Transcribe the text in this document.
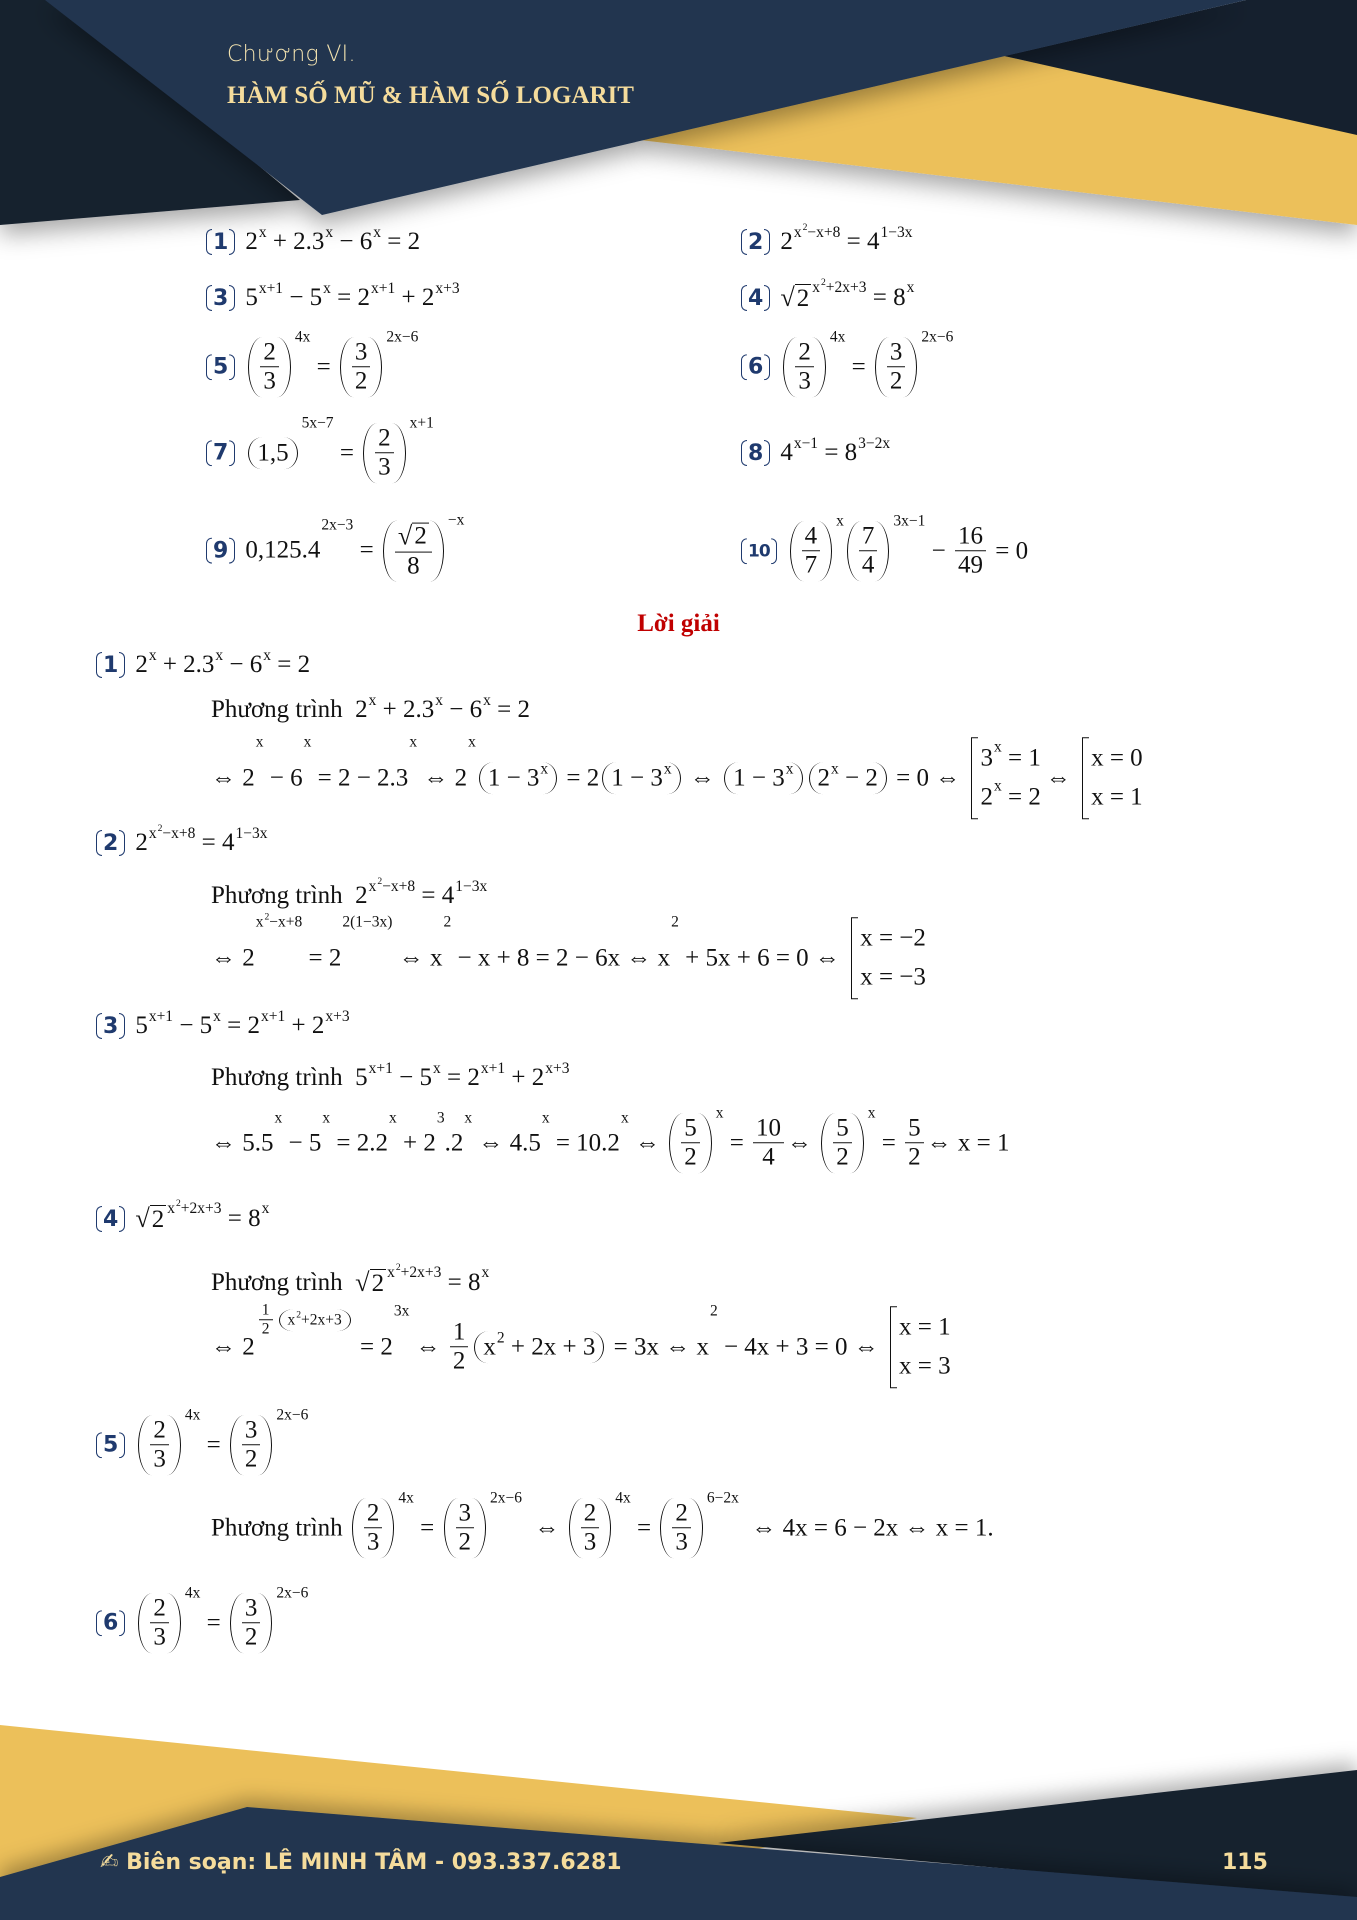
Chương VI.
HÀM SỐ MŨ & HÀM SỐ LOGARIT
1 2 x + 2.3 x − 6 x = 2	2 2 x 2 −x+8 = 4 1−3x
3 5 x+1 − 5 x = 2 x+1 + 2 x+3	4 √ 2 x 2 +2x+3 = 8 x
$5 \frac{2}{3}$
4x
= $\frac{3}{2}$
2x−6
$6 \frac{2}{3}$
4x
= $\frac{3}{2}$
2x−6
7 1,5
5x−7
= $\frac{2}{3}$
x+1
8 4 x−1 = 8 3−2x
9 0,125.4
2x−3
= $\frac{√ 2}{8}$
−x
$10 \frac{4}{7}$
x
$\frac{7}{4}$
3x−1
− $\frac{16}{49} = 0$
Lời giải
1 2 x + 2.3 x − 6 x = 2
Phương trình  2 x + 2.3 x − 6 x = 2
⇔ 2
x
− 6
x
= 2 − 2.3
x
⇔ 2
x
1 − 3 x = 2 1 − 3 x ⇔ 1 − 3 x 2 x − 2 = 0 ⇔
3 x = 1
2 x = 2
⇔
x = 0
x = 1
2 2 x 2 −x+8 = 4 1−3x
Phương trình  2 x 2 −x+8 = 4 1−3x
⇔ 2
x 2 −x+8
= 2
2(1−3x)
⇔ x
2
− x + 8 = 2 − 6x ⇔ x
2
+ 5x + 6 = 0 ⇔
x = −2
x = −3
3 5 x+1 − 5 x = 2 x+1 + 2 x+3
Phương trình  5 x+1 − 5 x = 2 x+1 + 2 x+3
⇔ 5.5
x
− 5
x
= 2.2
x
+ 2
3
.2
x
⇔ 4.5
x
= 10.2
x
⇔ $\frac{5}{2}$
x
= $\frac{10}{4}$ ⇔ $\frac{5}{2}$
x
= $\frac{5}{2}$ ⇔ x = 1
4 √ 2 x 2 +2x+3 = 8 x
Phương trình √ 2 x 2 +2x+3 = 8 x
⇔ 2
$\frac{1}{2}$ x 2 +2x+3
= 2
3x
⇔ $\frac{1}{2}$ x 2 + 2x + 3 = 3x ⇔ x
2
− 4x + 3 = 0 ⇔
x = 1
x = 3
$5 \frac{2}{3}$
4x
= $\frac{3}{2}$
2x−6
Phương trình $\frac{2}{3}$
4x
= $\frac{3}{2}$
2x−6
⇔ $\frac{2}{3}$
4x
= $\frac{2}{3}$
6−2x
⇔ 4x = 6 − 2x ⇔ x = 1.
$6 \frac{2}{3}$
4x
= $\frac{3}{2}$
2x−6
✍ Biên soạn: LÊ MINH TÂM - 093.337.6281	115
